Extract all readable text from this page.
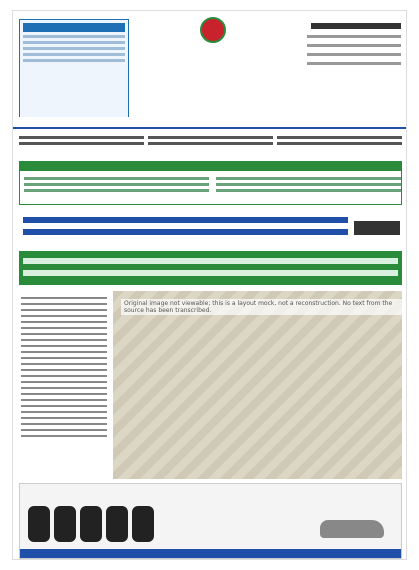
Original image not viewable; this is a layout mock, not a reconstruction. No text from the source has been transcribed.
